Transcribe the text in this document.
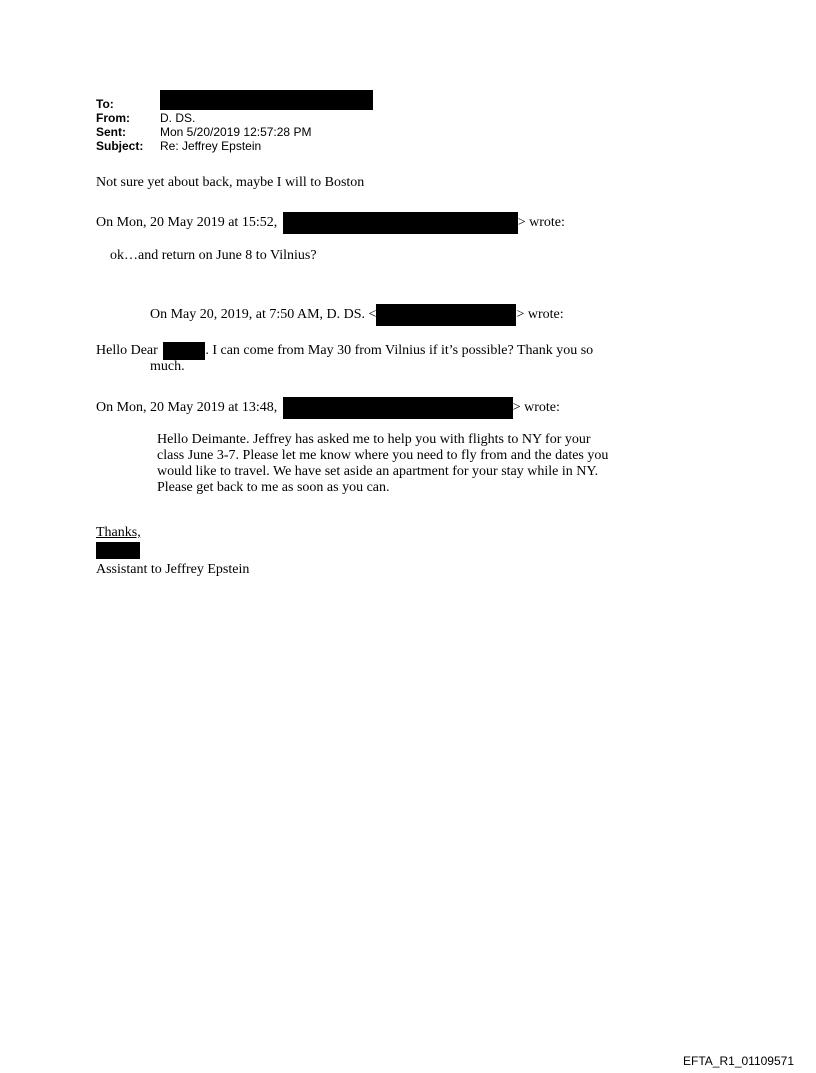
To:
From:	D. DS.
Sent:	Mon 5/20/2019 12:57:28 PM
Subject:	Re: Jeffrey Epstein
Not sure yet about back, maybe I will to Boston
On Mon, 20 May 2019 at 15:52,	> wrote:
ok…and return on June 8 to Vilnius?
On May 20, 2019, at 7:50 AM, D. DS. <	> wrote:
Hello Dear	. I can come from May 30 from Vilnius if it’s possible? Thank you so
much.
On Mon, 20 May 2019 at 13:48,	> wrote:
Hello Deimante. Jeffrey has asked me to help you with flights to NY for your
class June 3-7. Please let me know where you need to fly from and the dates you
would like to travel. We have set aside an apartment for your stay while in NY.
Please get back to me as soon as you can.
Thanks,
Assistant to Jeffrey Epstein
EFTA_R1_01109571
